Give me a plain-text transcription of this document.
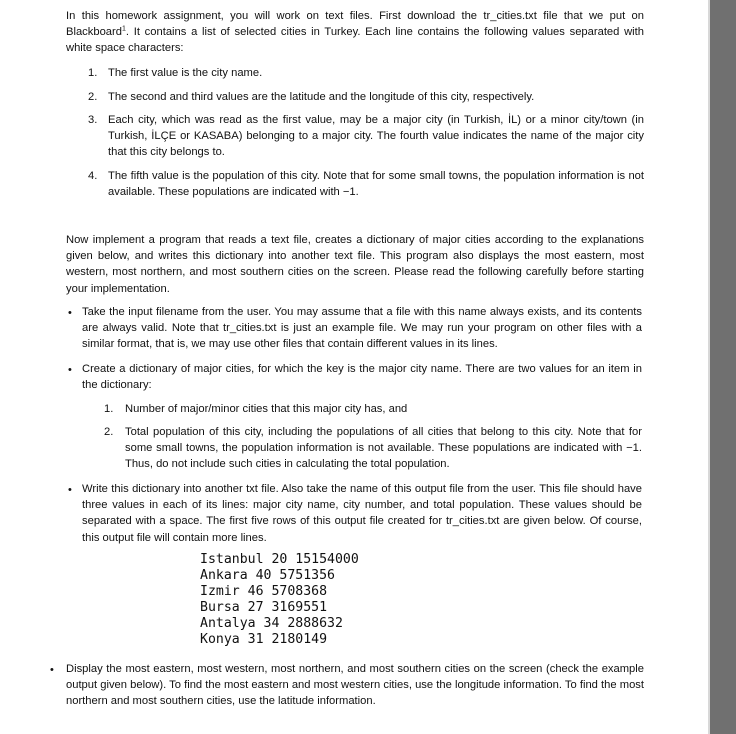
In this homework assignment, you will work on text files. First download the tr_cities.txt file that we put on Blackboard$^1$. It contains a list of selected cities in Turkey. Each line contains the following values separated with white space characters:

1. The first value is the city name.

2. The second and third values are the latitude and the longitude of this city, respectively.

3. Each city, which was read as the first value, may be a major city (in Turkish, İL) or a minor city/town (in Turkish, İLÇE or KASABA) belonging to a major city. The fourth value indicates the name of the major city that this city belongs to.

4. The fifth value is the population of this city. Note that for some small towns, the population information is not available. These populations are indicated with −1.

Now implement a program that reads a text file, creates a dictionary of major cities according to the explanations given below, and writes this dictionary into another text file. This program also displays the most eastern, most western, most northern, and most southern cities on the screen. Please read the following carefully before starting your implementation.

• Take the input filename from the user. You may assume that a file with this name always exists, and its contents are always valid. Note that tr_cities.txt is just an example file. We may run your program on other files with a similar format, that is, we may use other files that contain different values in its lines.

• Create a dictionary of major cities, for which the key is the major city name. There are two values for an item in the dictionary:

1. Number of major/minor cities that this major city has, and

2. Total population of this city, including the populations of all cities that belong to this city. Note that for some small towns, the population information is not available. These populations are indicated with −1. Thus, do not include such cities in calculating the total population.

• Write this dictionary into another txt file. Also take the name of this output file from the user. This file should have three values in each of its lines: major city name, city number, and total population. These values should be separated with a space. The first five rows of this output file created for tr_cities.txt are given below. Of course, this output file will contain more lines.

Istanbul 20 15154000
Ankara 40 5751356
Izmir 46 5708368
Bursa 27 3169551
Antalya 34 2888632
Konya 31 2180149
• Display the most eastern, most western, most northern, and most southern cities on the screen (check the example output given below). To find the most eastern and most western cities, use the longitude information. To find the most northern and most southern cities, use the latitude information.
